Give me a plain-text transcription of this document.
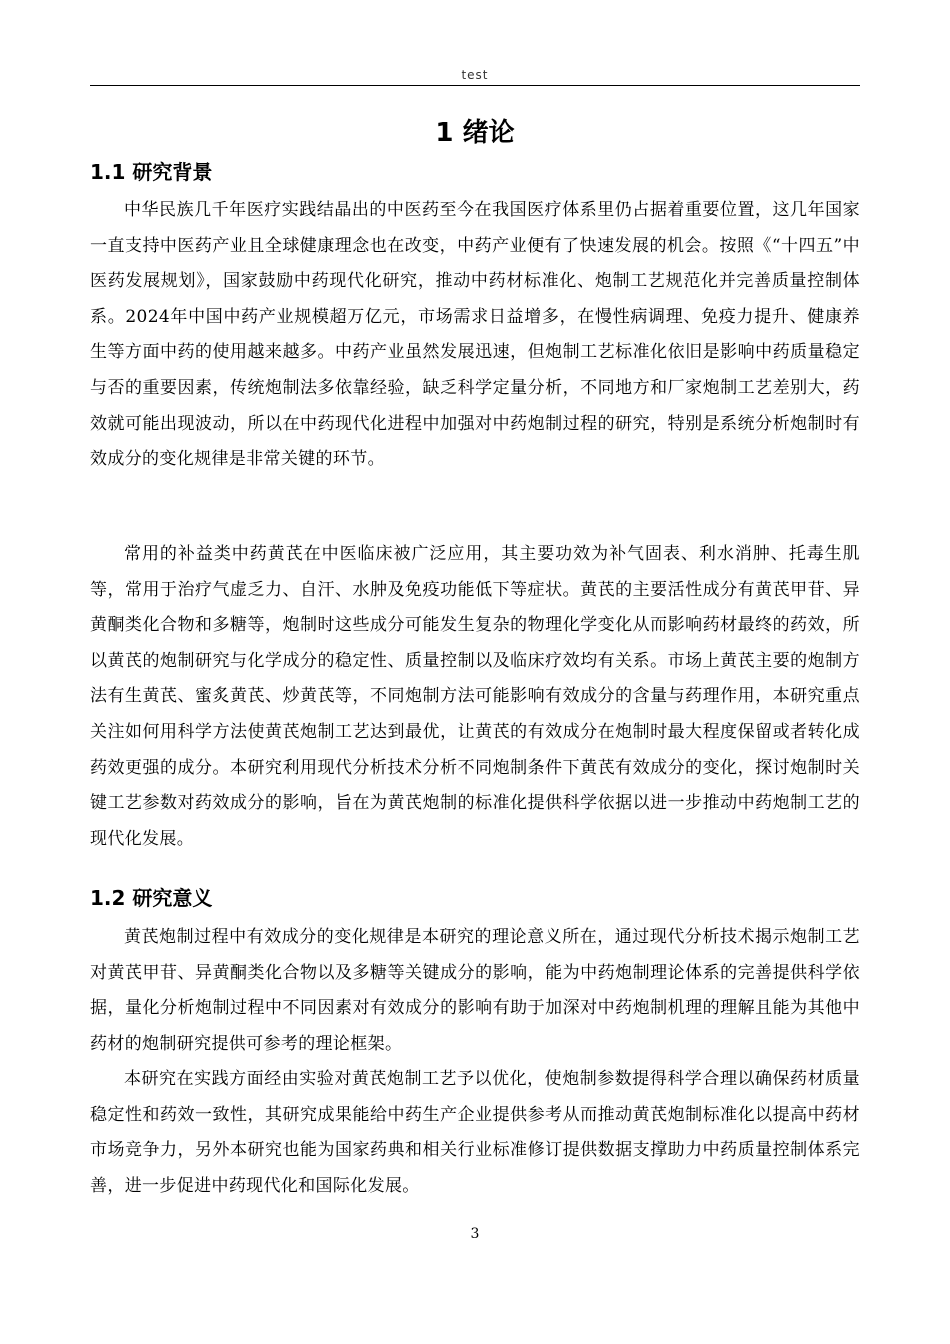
test
1 绪论
1.1 研究背景

中华民族几千年医疗实践结晶出的中医药至今在我国医疗体系里仍占据着重要位置，这几年国家一直支持中医药产业且全球健康理念也在改变，中药产业便有了快速发展的机会。按照《“十四五”中医药发展规划》，国家鼓励中药现代化研究，推动中药材标准化、炮制工艺规范化并完善质量控制体系。2024年中国中药产业规模超万亿元，市场需求日益增多，在慢性病调理、免疫力提升、健康养生等方面中药的使用越来越多。中药产业虽然发展迅速，但炮制工艺标准化依旧是影响中药质量稳定与否的重要因素，传统炮制法多依靠经验，缺乏科学定量分析，不同地方和厂家炮制工艺差别大，药效就可能出现波动，所以在中药现代化进程中加强对中药炮制过程的研究，特别是系统分析炮制时有效成分的变化规律是非常关键的环节。

常用的补益类中药黄芪在中医临床被广泛应用，其主要功效为补气固表、利水消肿、托毒生肌等，常用于治疗气虚乏力、自汗、水肿及免疫功能低下等症状。黄芪的主要活性成分有黄芪甲苷、异黄酮类化合物和多糖等，炮制时这些成分可能发生复杂的物理化学变化从而影响药材最终的药效，所以黄芪的炮制研究与化学成分的稳定性、质量控制以及临床疗效均有关系。市场上黄芪主要的炮制方法有生黄芪、蜜炙黄芪、炒黄芪等，不同炮制方法可能影响有效成分的含量与药理作用，本研究重点关注如何用科学方法使黄芪炮制工艺达到最优，让黄芪的有效成分在炮制时最大程度保留或者转化成药效更强的成分。本研究利用现代分析技术分析不同炮制条件下黄芪有效成分的变化，探讨炮制时关键工艺参数对药效成分的影响，旨在为黄芪炮制的标准化提供科学依据以进一步推动中药炮制工艺的现代化发展。

1.2 研究意义

黄芪炮制过程中有效成分的变化规律是本研究的理论意义所在，通过现代分析技术揭示炮制工艺对黄芪甲苷、异黄酮类化合物以及多糖等关键成分的影响，能为中药炮制理论体系的完善提供科学依据，量化分析炮制过程中不同因素对有效成分的影响有助于加深对中药炮制机理的理解且能为其他中药材的炮制研究提供可参考的理论框架。

本研究在实践方面经由实验对黄芪炮制工艺予以优化，使炮制参数提得科学合理以确保药材质量稳定性和药效一致性，其研究成果能给中药生产企业提供参考从而推动黄芪炮制标准化以提高中药材市场竞争力，另外本研究也能为国家药典和相关行业标准修订提供数据支撑助力中药质量控制体系完善，进一步促进中药现代化和国际化发展。

3
